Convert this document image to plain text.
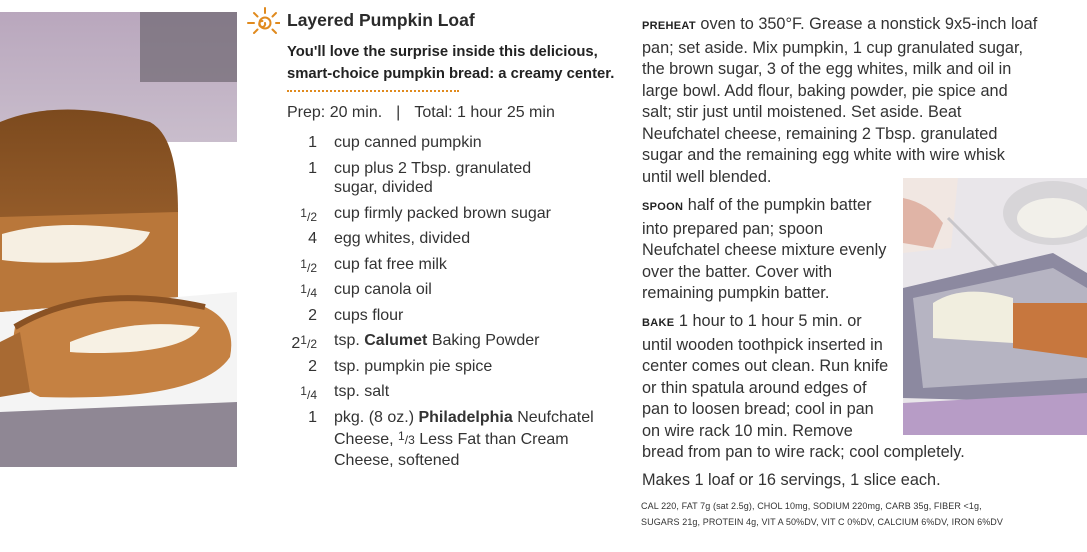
Layered Pumpkin Loaf
You'll love the surprise inside this delicious, smart-choice pumpkin bread: a creamy center.
Prep: 20 min. | Total: 1 hour 25 min
1 cup canned pumpkin
1 cup plus 2 Tbsp. granulated
sugar, divided
1/2 cup firmly packed brown sugar
4 egg whites, divided
1/2 cup fat free milk
1/4 cup canola oil
2 cups flour
21/2 tsp. Calumet Baking Powder
2 tsp. pumpkin pie spice
1/4 tsp. salt
1 pkg. (8 oz.) Philadelphia Neufchatel
Cheese, 1/3 Less Fat than Cream
Cheese, softened
PREHEAT oven to 350°F. Grease a nonstick 9x5-inch loaf
pan; set aside. Mix pumpkin, 1 cup granulated sugar,
the brown sugar, 3 of the egg whites, milk and oil in
large bowl. Add flour, baking powder, pie spice and
salt; stir just until moistened. Set aside. Beat
Neufchatel cheese, remaining 2 Tbsp. granulated
sugar and the remaining egg white with wire whisk
until well blended.
SPOON half of the pumpkin batter
into prepared pan; spoon
Neufchatel cheese mixture evenly
over the batter. Cover with
remaining pumpkin batter.
BAKE 1 hour to 1 hour 5 min. or
until wooden toothpick inserted in
center comes out clean. Run knife
or thin spatula around edges of
pan to loosen bread; cool in pan
on wire rack 10 min. Remove
bread from pan to wire rack; cool completely.
Makes 1 loaf or 16 servings, 1 slice each.
CAL 220, FAT 7g (sat 2.5g), CHOL 10mg, SODIUM 220mg, CARB 35g, FIBER <1g,
SUGARS 21g, PROTEIN 4g, VIT A 50%DV, VIT C 0%DV, CALCIUM 6%DV, IRON 6%DV
